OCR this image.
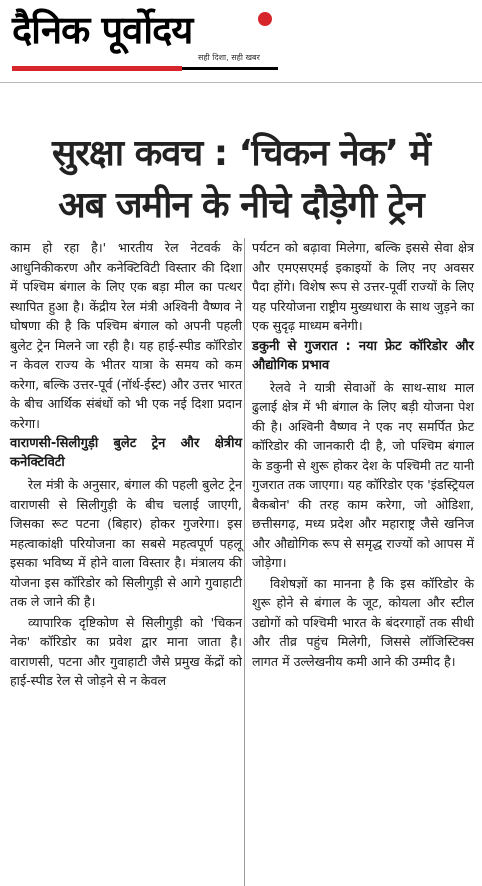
दैनिक पूर्वोदय
सही दिशा, सही खबर
सुरक्षा कवच : ‘चिकन नेक’ में
अब जमीन के नीचे दौड़ेगी ट्रेन

काम हो रहा है।' भारतीय रेल नेटवर्क के आधुनिकीकरण और कनेक्टिविटी विस्तार की दिशा में पश्चिम बंगाल के लिए एक बड़ा मील का पत्थर स्थापित हुआ है। केंद्रीय रेल मंत्री अश्विनी वैष्णव ने घोषणा की है कि पश्चिम बंगाल को अपनी पहली बुलेट ट्रेन मिलने जा रही है। यह हाई-स्पीड कॉरिडोर न केवल राज्य के भीतर यात्रा के समय को कम करेगा, बल्कि उत्तर-पूर्व (नॉर्थ-ईस्ट) और उत्तर भारत के बीच आर्थिक संबंधों को भी एक नई दिशा प्रदान करेगा।

वाराणसी-सिलीगुड़ी बुलेट ट्रेन और क्षेत्रीय कनेक्टिविटी

रेल मंत्री के अनुसार, बंगाल की पहली बुलेट ट्रेन वाराणसी से सिलीगुड़ी के बीच चलाई जाएगी, जिसका रूट पटना (बिहार) होकर गुजरेगा। इस महत्वाकांक्षी परियोजना का सबसे महत्वपूर्ण पहलू इसका भविष्य में होने वाला विस्तार है। मंत्रालय की योजना इस कॉरिडोर को सिलीगुड़ी से आगे गुवाहाटी तक ले जाने की है।

व्यापारिक दृष्टिकोण से सिलीगुड़ी को 'चिकन नेक' कॉरिडोर का प्रवेश द्वार माना जाता है। वाराणसी, पटना और गुवाहाटी जैसे प्रमुख केंद्रों को हाई-स्पीड रेल से जोड़ने से न केवल

पर्यटन को बढ़ावा मिलेगा, बल्कि इससे सेवा क्षेत्र और एमएसएमई इकाइयों के लिए नए अवसर पैदा होंगे। विशेष रूप से उत्तर-पूर्वी राज्यों के लिए यह परियोजना राष्ट्रीय मुख्यधारा के साथ जुड़ने का एक सुदृढ़ माध्यम बनेगी।

डकुनी से गुजरात : नया फ्रेट कॉरिडोर और औद्योगिक प्रभाव

रेलवे ने यात्री सेवाओं के साथ-साथ माल ढुलाई क्षेत्र में भी बंगाल के लिए बड़ी योजना पेश की है। अश्विनी वैष्णव ने एक नए समर्पित फ्रेट कॉरिडोर की जानकारी दी है, जो पश्चिम बंगाल के डकुनी से शुरू होकर देश के पश्चिमी तट यानी गुजरात तक जाएगा। यह कॉरिडोर एक 'इंडस्ट्रियल बैकबोन' की तरह काम करेगा, जो ओडिशा, छत्तीसगढ़, मध्य प्रदेश और महाराष्ट्र जैसे खनिज और औद्योगिक रूप से समृद्ध राज्यों को आपस में जोड़ेगा।

विशेषज्ञों का मानना है कि इस कॉरिडोर के शुरू होने से बंगाल के जूट, कोयला और स्टील उद्योगों को पश्चिमी भारत के बंदरगाहों तक सीधी और तीव्र पहुंच मिलेगी, जिससे लॉजिस्टिक्स लागत में उल्लेखनीय कमी आने की उम्मीद है।
